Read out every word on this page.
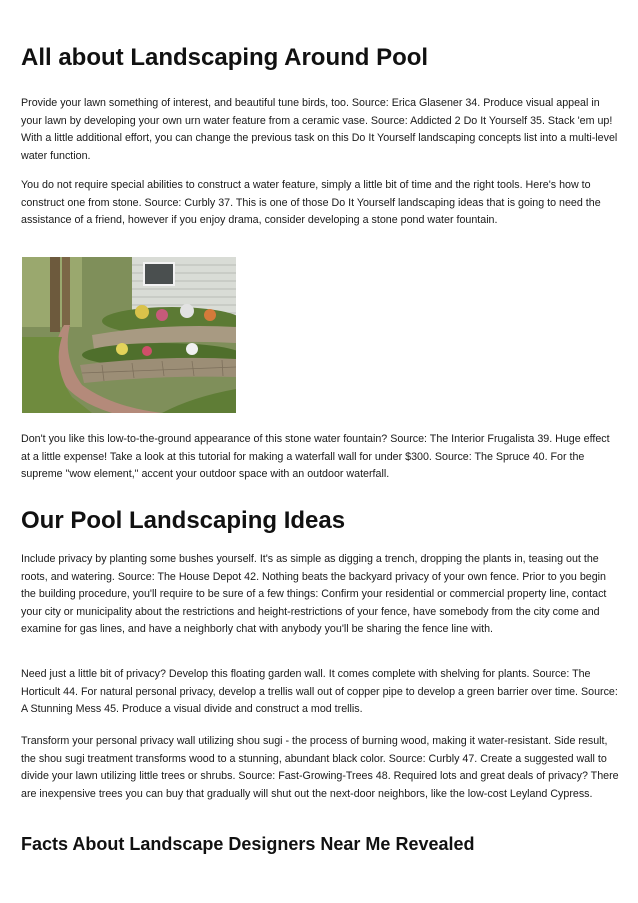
All about Landscaping Around Pool

Provide your lawn something of interest, and beautiful tune birds, too. Source: Erica Glasener 34. Produce visual appeal in your lawn by developing your own urn water feature from a ceramic vase. Source: Addicted 2 Do It Yourself 35. Stack 'em up! With a little additional effort, you can change the previous task on this Do It Yourself landscaping concepts list into a multi-level water function.

You do not require special abilities to construct a water feature, simply a little bit of time and the right tools. Here's how to construct one from stone. Source: Curbly 37. This is one of those Do It Yourself landscaping ideas that is going to need the assistance of a friend, however if you enjoy drama, consider developing a stone pond water fountain.

Don't you like this low-to-the-ground appearance of this stone water fountain? Source: The Interior Frugalista 39. Huge effect at a little expense! Take a look at this tutorial for making a waterfall wall for under $300. Source: The Spruce 40. For the supreme "wow element," accent your outdoor space with an outdoor waterfall.

Our Pool Landscaping Ideas

Include privacy by planting some bushes yourself. It's as simple as digging a trench, dropping the plants in, teasing out the roots, and watering. Source: The House Depot 42. Nothing beats the backyard privacy of your own fence. Prior to you begin the building procedure, you'll require to be sure of a few things: Confirm your residential or commercial property line, contact your city or municipality about the restrictions and height-restrictions of your fence, have somebody from the city come and examine for gas lines, and have a neighborly chat with anybody you'll be sharing the fence line with.

Need just a little bit of privacy? Develop this floating garden wall. It comes complete with shelving for plants. Source: The Horticult 44. For natural personal privacy, develop a trellis wall out of copper pipe to develop a green barrier over time. Source: A Stunning Mess 45. Produce a visual divide and construct a mod trellis.

Transform your personal privacy wall utilizing shou sugi - the process of burning wood, making it water-resistant. Side result, the shou sugi treatment transforms wood to a stunning, abundant black color. Source: Curbly 47. Create a suggested wall to divide your lawn utilizing little trees or shrubs. Source: Fast-Growing-Trees 48. Required lots and great deals of privacy? There are inexpensive trees you can buy that gradually will shut out the next-door neighbors, like the low-cost Leyland Cypress.

Facts About Landscape Designers Near Me Revealed
